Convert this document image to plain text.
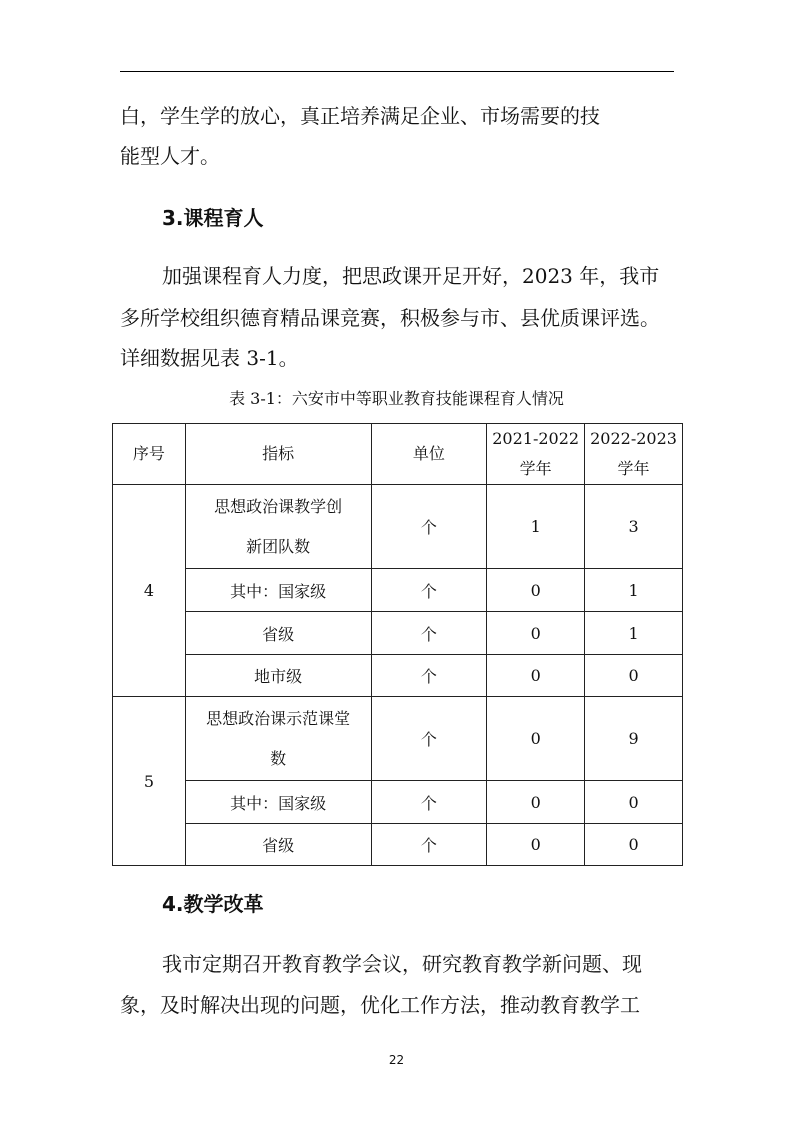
白，学生学的放心，真正培养满足企业、市场需要的技

能型人才。

3.课程育人

加强课程育人力度，把思政课开足开好，2023 年，我市

多所学校组织德育精品课竞赛，积极参与市、县优质课评选。

详细数据见表 3-1。

表 3-1：六安市中等职业教育技能课程育人情况
序号	指标	单位	2021-2022 学年	2022-2023 学年
4	思想政治课教学创新团队数	个	1	3
	其中：国家级	个	0	1
	省级	个	0	1
	地市级	个	0	0
5	思想政治课示范课堂数	个	0	9
	其中：国家级	个	0	0
	省级	个	0	0

4.教学改革

我市定期召开教育教学会议，研究教育教学新问题、现

象，及时解决出现的问题，优化工作方法，推动教育教学工

22
